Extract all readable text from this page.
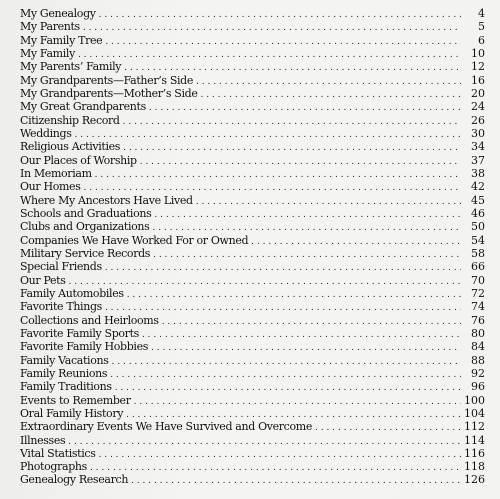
My Genealogy . . .	4
My Parents . . .	5
My Family Tree . . .	6
My Family . . .	10
My Parents’ Family . . .	12
My Grandparents—Father’s Side . . .	16
My Grandparents—Mother’s Side . . .	20
My Great Grandparents . . .	24
Citizenship Record . . .	26
Weddings . . .	30
Religious Activities . . .	34
Our Places of Worship . . .	37
In Memoriam . . .	38
Our Homes . . .	42
Where My Ancestors Have Lived . . .	45
Schools and Graduations . . .	46
Clubs and Organizations . . .	50
Companies We Have Worked For or Owned . . .	54
Military Service Records . . .	58
Special Friends . . .	66
Our Pets . . .	70
Family Automobiles . . .	72
Favorite Things . . .	74
Collections and Heirlooms . . .	76
Favorite Family Sports . . .	80
Favorite Family Hobbies . . .	84
Family Vacations . . .	88
Family Reunions . . .	92
Family Traditions . . .	96
Events to Remember . . .	100
Oral Family History . . .	104
Extraordinary Events We Have Survived and Overcome . . .	112
Illnesses . . .	114
Vital Statistics . . .	116
Photographs . . .	118
Genealogy Research . . .	126
